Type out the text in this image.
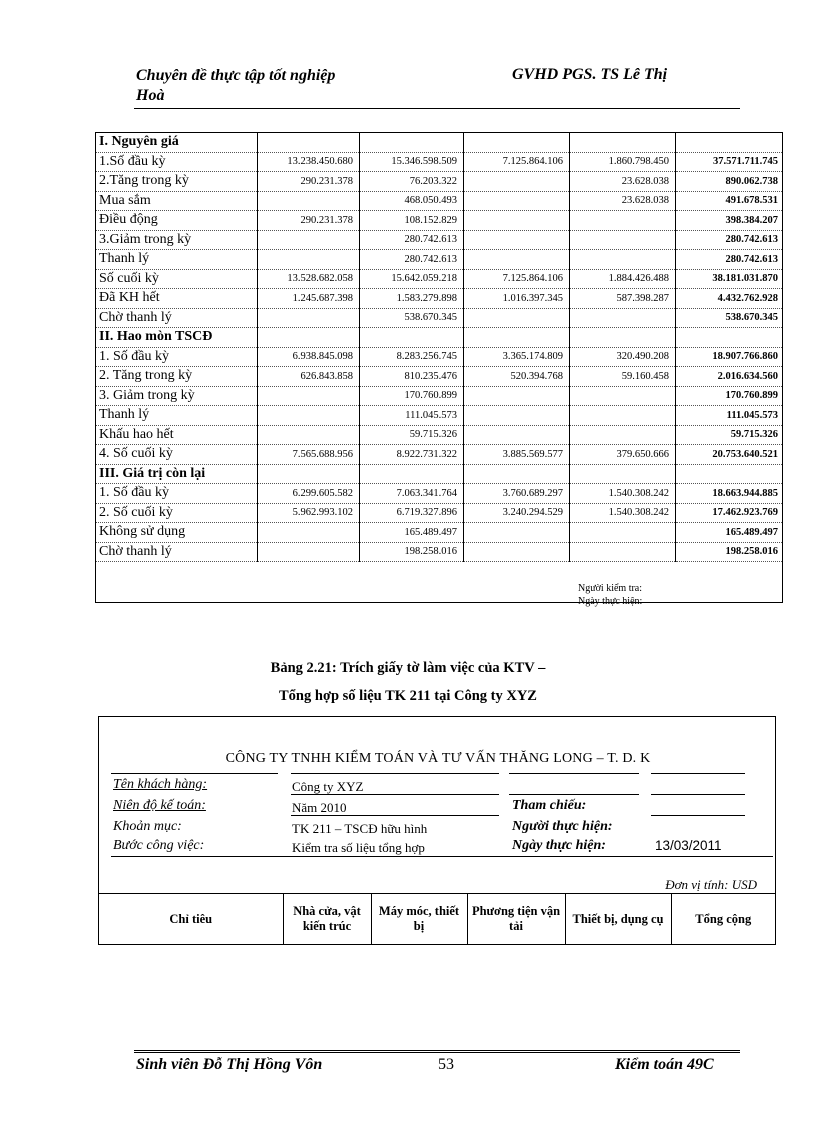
Chuyên đề thực tập tốt nghiệp
Hoà
GVHD PGS. TS Lê Thị
I. Nguyên giá					
1.Số đầu kỳ	13.238.450.680	15.346.598.509	7.125.864.106	1.860.798.450	37.571.711.745
2.Tăng trong kỳ	290.231.378	76.203.322		23.628.038	890.062.738
Mua sắm		468.050.493		23.628.038	491.678.531
Điều động	290.231.378	108.152.829			398.384.207
3.Giảm trong kỳ		280.742.613			280.742.613
Thanh lý		280.742.613			280.742.613
Số cuối kỳ	13.528.682.058	15.642.059.218	7.125.864.106	1.884.426.488	38.181.031.870
Đã KH hết	1.245.687.398	1.583.279.898	1.016.397.345	587.398.287	4.432.762.928
Chờ thanh lý		538.670.345			538.670.345
II. Hao mòn TSCĐ					
1. Số đầu kỳ	6.938.845.098	8.283.256.745	3.365.174.809	320.490.208	18.907.766.860
2. Tăng trong kỳ	626.843.858	810.235.476	520.394.768	59.160.458	2.016.634.560
3. Giảm trong kỳ		170.760.899			170.760.899
Thanh lý		111.045.573			111.045.573
Khấu hao hết		59.715.326			59.715.326
4. Số cuối kỳ	7.565.688.956	8.922.731.322	3.885.569.577	379.650.666	20.753.640.521
III. Giá trị còn lại					
1. Số đầu kỳ	6.299.605.582	7.063.341.764	3.760.689.297	1.540.308.242	18.663.944.885
2. Số cuối kỳ	5.962.993.102	6.719.327.896	3.240.294.529	1.540.308.242	17.462.923.769
Không sử dụng		165.489.497			165.489.497
Chờ thanh lý		198.258.016			198.258.016

Người kiểm tra:
Ngày thực hiện:
Bảng 2.21: Trích giấy tờ làm việc của KTV –
Tổng hợp số liệu TK 211 tại Công ty XYZ
CÔNG TY TNHH KIỂM TOÁN VÀ TƯ VẤN THĂNG LONG – T. D. K
Tên khách hàng:	Công ty XYZ
Niên độ kế toán:	Năm 2010	Tham chiếu:
Khoản mục:	TK 211 – TSCĐ hữu hình	Người thực hiện:
Bước công việc:	Kiểm tra số liệu tổng hợp	Ngày thực hiện:	13/03/2011
Đơn vị tính: USD
Chỉ tiêu	Nhà cửa, vật kiến trúc	Máy móc, thiết bị	Phương tiện vận tải	Thiết bị, dụng cụ	Tổng cộng
Sinh viên Đỗ Thị Hồng Vôn	53	Kiểm toán 49C
